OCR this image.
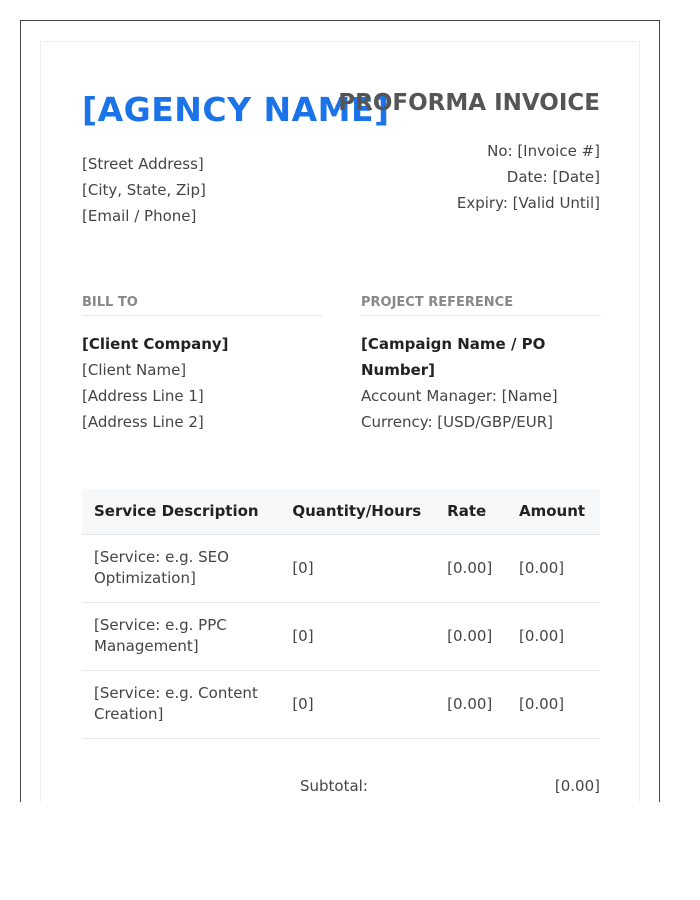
[AGENCY NAME]
PROFORMA INVOICE
[Street Address]
[City, State, Zip]
[Email / Phone]
No: [Invoice #]
Date: [Date]
Expiry: [Valid Until]
BILL TO	PROJECT REFERENCE
[Client Company]
[Client Name]
[Address Line 1]
[Address Line 2]
[Campaign Name / PO Number]
Account Manager: [Name]
Currency: [USD/GBP/EUR]
Service Description	Quantity/Hours	Rate	Amount
[Service: e.g. SEO Optimization]	[0]	[0.00]	[0.00]
[Service: e.g. PPC Management]	[0]	[0.00]	[0.00]
[Service: e.g. Content Creation]	[0]	[0.00]	[0.00]
Subtotal:	[0.00]
